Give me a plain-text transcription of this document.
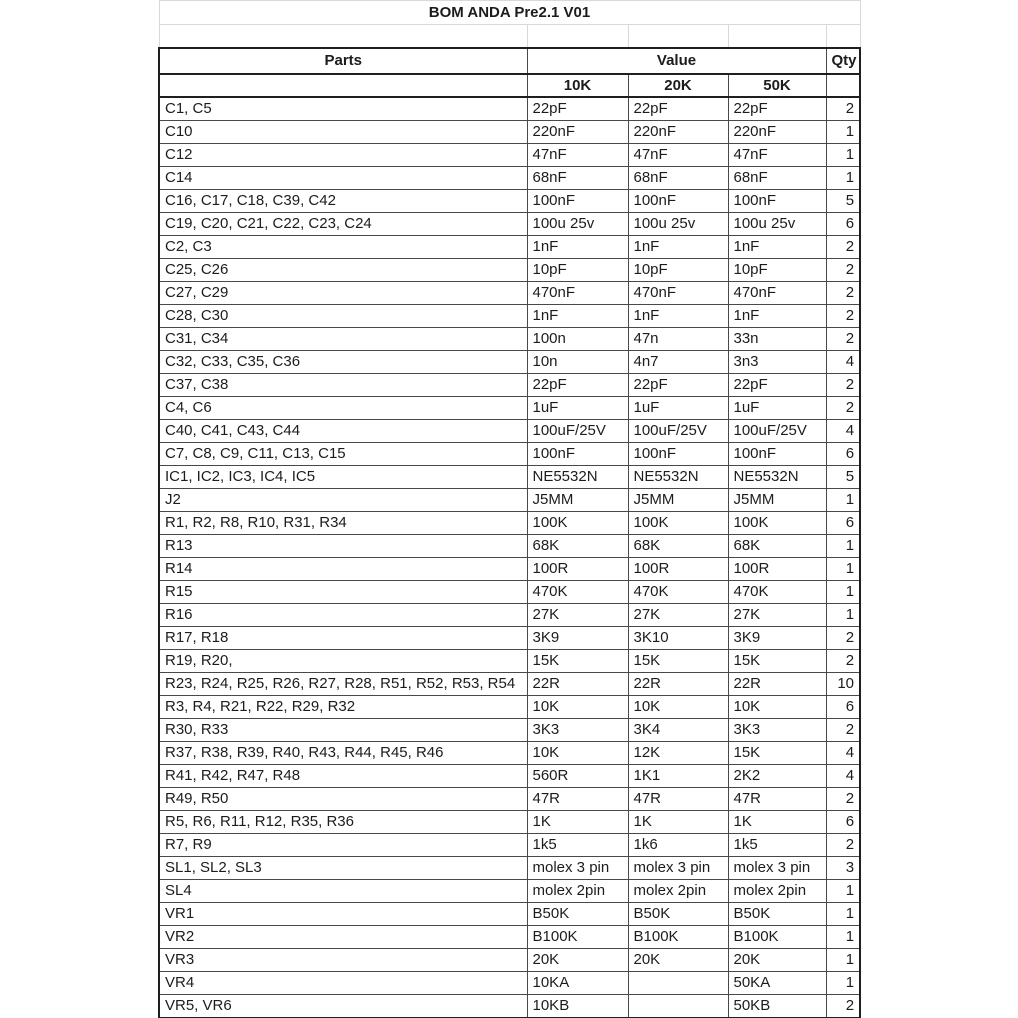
BOM ANDA Pre2.1 V01				

Parts	Value			Qty
	10K	20K	50K	
C1, C5	22pF	22pF	22pF	2
C10	220nF	220nF	220nF	1
C12	47nF	47nF	47nF	1
C14	68nF	68nF	68nF	1
C16, C17, C18, C39, C42	100nF	100nF	100nF	5
C19, C20, C21, C22, C23, C24	100u 25v	100u 25v	100u 25v	6
C2, C3	1nF	1nF	1nF	2
C25, C26	10pF	10pF	10pF	2
C27, C29	470nF	470nF	470nF	2
C28, C30	1nF	1nF	1nF	2
C31, C34	100n	47n	33n	2
C32, C33, C35, C36	10n	4n7	3n3	4
C37, C38	22pF	22pF	22pF	2
C4, C6	1uF	1uF	1uF	2
C40, C41, C43, C44	100uF/25V	100uF/25V	100uF/25V	4
C7, C8, C9, C11, C13, C15	100nF	100nF	100nF	6
IC1, IC2, IC3, IC4, IC5	NE5532N	NE5532N	NE5532N	5
J2	J5MM	J5MM	J5MM	1
R1, R2, R8, R10, R31, R34	100K	100K	100K	6
R13	68K	68K	68K	1
R14	100R	100R	100R	1
R15	470K	470K	470K	1
R16	27K	27K	27K	1
R17, R18	3K9	3K10	3K9	2
R19, R20,	15K	15K	15K	2
R23, R24, R25, R26, R27, R28, R51, R52, R53, R54	22R	22R	22R	10
R3, R4, R21, R22, R29, R32	10K	10K	10K	6
R30, R33	3K3	3K4	3K3	2
R37, R38, R39, R40, R43, R44, R45, R46	10K	12K	15K	4
R41, R42, R47, R48	560R	1K1	2K2	4
R49, R50	47R	47R	47R	2
R5, R6, R11, R12, R35, R36	1K	1K	1K	6
R7, R9	1k5	1k6	1k5	2
SL1, SL2, SL3	molex 3 pin	molex 3 pin	molex 3 pin	3
SL4	molex 2pin	molex 2pin	molex 2pin	1
VR1	B50K	B50K	B50K	1
VR2	B100K	B100K	B100K	1
VR3	20K	20K	20K	1
VR4	10KA		50KA	1
VR5, VR6	10KB		50KB	2
